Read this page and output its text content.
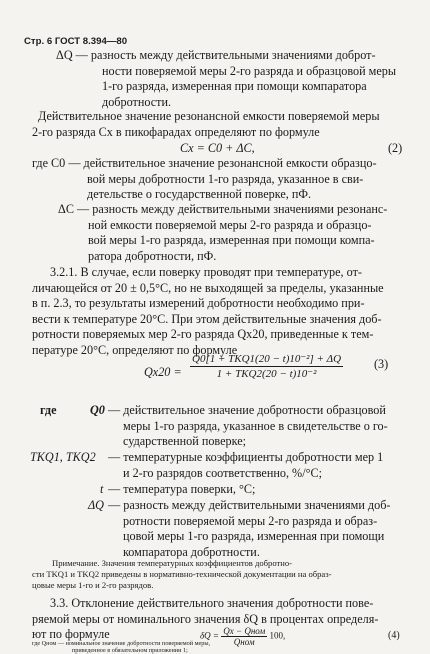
Стр. 6 ГОСТ 8.394—80
ΔQ — разность между действительными значениями доброт-
ности поверяемой меры 2-го разряда и образцовой меры
1-го разряда, измеренная при помощи компаратора
добротности.
Действительное значение резонансной емкости поверяемой меры
2-го разряда Cx в пикофарадах определяют по формуле
Cx = C0 + ΔC,	(2)
где C0 — действительное значение резонансной емкости образцо-
вой меры добротности 1-го разряда, указанное в сви-
детельстве о государственной поверке, пФ.
ΔC — разность между действительными значениями резонанс-
ной емкости поверяемой меры 2-го разряда и образцо-
вой меры 1-го разряда, измеренная при помощи компа-
ратора добротности, пФ.
3.2.1. В случае, если поверку проводят при температуре, от-
личающейся от 20 ± 0,5°С, но не выходящей за пределы, указанные
в п. 2.3, то результаты измерений добротности необходимо при-
вести к температуре 20°С. При этом действительные значения доб-
ротности поверяемых мер 2-го разряда Qx20, приведенные к тем-
пературе 20°С, определяют по формуле
$Qx20 = \frac{\text{Q0[1 + TKQ1(20 − t)10⁻²] + ΔQ}}{\text{1 + TKQ2(20 − t)10⁻²}}$	(3)
где	Q0 — действительное значение добротности образцовой
меры 1-го разряда, указанное в свидетельстве о го-
сударственной поверке;
TKQ1, TKQ2 — температурные коэффициенты добротности мер 1
и 2-го разрядов соответственно, %/°С;
t — температура поверки, °С;
ΔQ — разность между действительными значениями доб-
ротности поверяемой меры 2-го разряда и образ-
цовой меры 1-го разряда, измеренная при помощи
компаратора добротности.
Примечание. Значения температурных коэффициентов добротно-
сти TKQ1 и TKQ2 приведены в нормативно-технической документации на образ-
цовые меры 1-го и 2-го разрядов.
3.3. Отклонение действительного значения добротности пове-
ряемой меры от номинального значения δQ в процентах определя-
ют по формуле	$\delta Q = \frac{\text{Qx − Qном}}{\text{Qном}} 100$,	(4)
где Qном — номинальное значение добротности поверяемой меры,
приведенное в обязательном приложении 1;
